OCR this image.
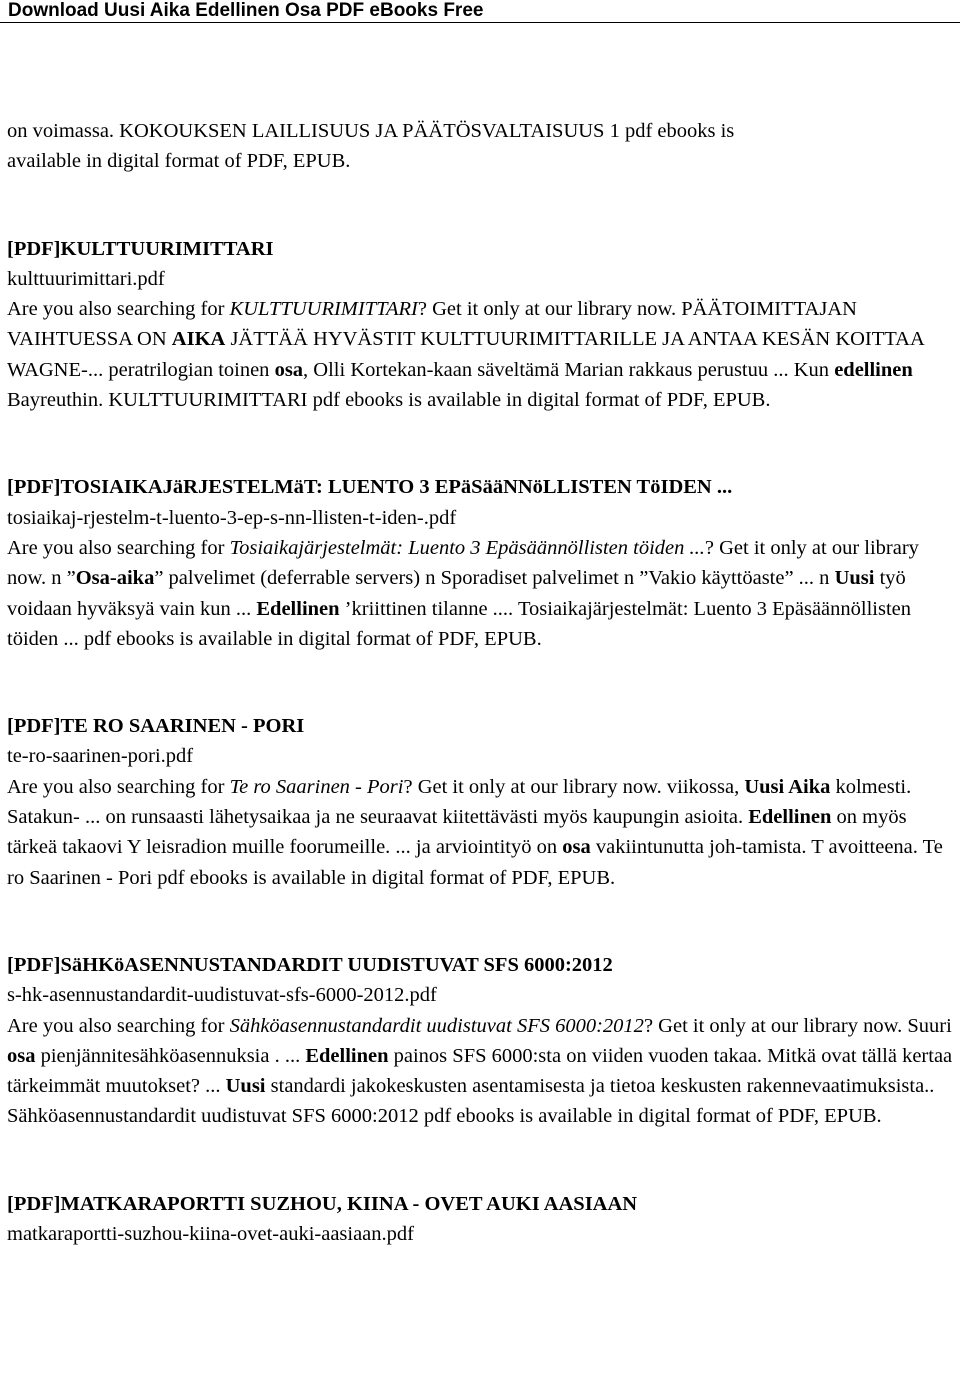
Download Uusi Aika Edellinen Osa PDF eBooks Free

on voimassa. KOKOUKSEN LAILLISUUS JA PÄÄTÖSVALTAISUUS 1 pdf ebooks is
available in digital format of PDF, EPUB.

[PDF]KULTTUURIMITTARI
kulttuurimittari.pdf

Are you also searching for KULTTUURIMITTARI? Get it only at our library now. PÄÄTOIMITTAJAN VAIHTUESSA ON AIKA JÄTTÄÄ HYVÄSTIT KULTTUURIMITTARILLE JA ANTAA KESÄN KOITTAA WAGNE-... peratrilogian toinen osa, Olli Kortekan-kaan säveltämä Marian rakkaus perustuu ... Kun edellinen Bayreuthin. KULTTUURIMITTARI pdf ebooks is available in digital format of PDF, EPUB.

[PDF]TOSIAIKAJäRJESTELMäT: LUENTO 3 EPäSääNNöLLISTEN TöIDEN ...
tosiaikaj-rjestelm-t-luento-3-ep-s-nn-llisten-t-iden-.pdf

Are you also searching for Tosiaikajärjestelmät: Luento 3 Epäsäännöllisten töiden ...? Get it only at our library now. n ”Osa-aika” palvelimet (deferrable servers) n Sporadiset palvelimet n ”Vakio käyttöaste” ... n Uusi työ voidaan hyväksyä vain kun ... Edellinen ’kriittinen tilanne .... Tosiaikajärjestelmät: Luento 3 Epäsäännöllisten töiden ... pdf ebooks is available in digital format of PDF, EPUB.

[PDF]TE RO SAARINEN - PORI
te-ro-saarinen-pori.pdf

Are you also searching for Te ro Saarinen - Pori? Get it only at our library now. viikossa, Uusi Aika kolmesti. Satakun- ... on runsaasti lähetysaikaa ja ne seuraavat kiitettävästi myös kaupungin asioita. Edellinen on myös tärkeä takaovi Y leisradion muille foorumeille. ... ja arviointityö on osa vakiintunutta joh-tamista. T avoitteena. Te ro Saarinen - Pori pdf ebooks is available in digital format of PDF, EPUB.

[PDF]SäHKöASENNUSTANDARDIT UUDISTUVAT SFS 6000:2012
s-hk-asennustandardit-uudistuvat-sfs-6000-2012.pdf

Are you also searching for Sähköasennustandardit uudistuvat SFS 6000:2012? Get it only at our library now. Suuri osa pienjännitesähköasennuksia . ... Edellinen painos SFS 6000:sta on viiden vuoden takaa. Mitkä ovat tällä kertaa tärkeimmät muutokset? ... Uusi standardi jakokeskusten asentamisesta ja tietoa keskusten rakennevaatimuksista.. Sähköasennustandardit uudistuvat SFS 6000:2012 pdf ebooks is available in digital format of PDF, EPUB.

[PDF]MATKARAPORTTI SUZHOU, KIINA - OVET AUKI AASIAAN
matkaraportti-suzhou-kiina-ovet-auki-aasiaan.pdf
